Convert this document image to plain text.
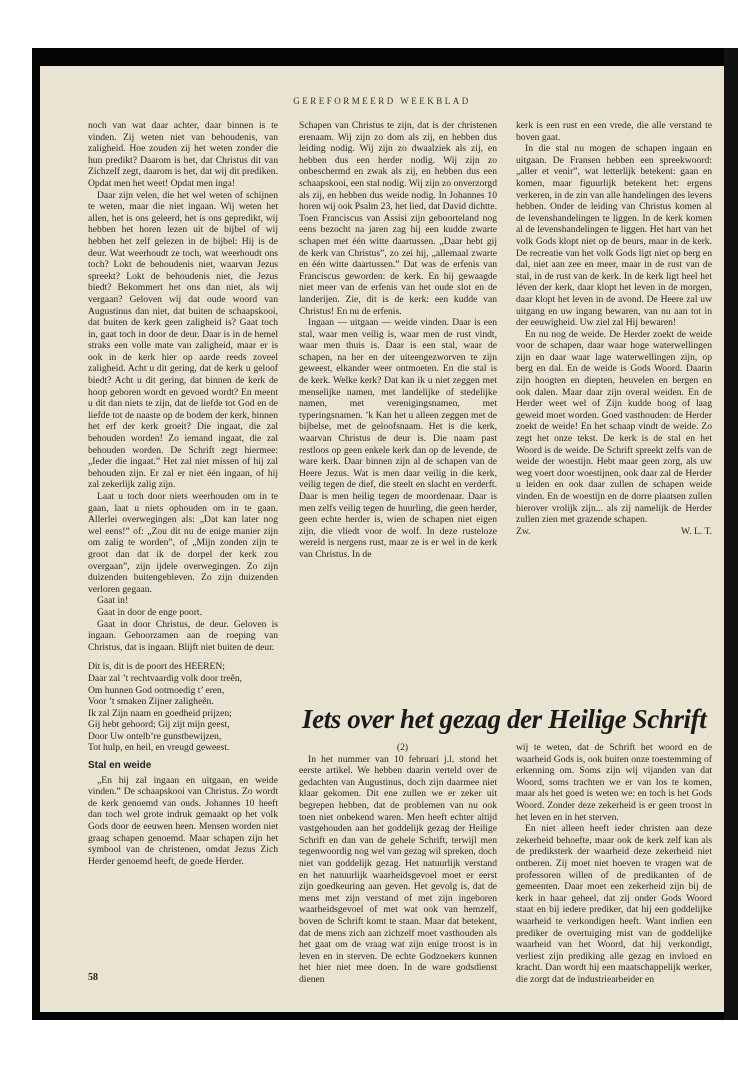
GEREFORMEERD WEEKBLAD

noch van wat daar achter, daar binnen is te vinden. Zij weten niet van behoudenis, van zaligheid. Hoe zouden zij het weten zonder die hun predikt? Daarom is het, dat Christus dit van Zichzelf zegt, daarom is het, dat wij dit prediken. Opdat men het weet! Opdat men inga!

Daar zijn velen, die het wel weten of schijnen te weten, maar die niet ingaan. Wij weten het allen, het is ons geleerd, het is ons gepredikt, wij hebben het horen lezen uit de bijbel of wij hebben het zelf gelezen in de bijbel: Hij is de deur. Wat weerhoudt ze toch, wat weerhoudt ons toch? Lokt de behoudenis niet, waarvan Jezus spreekt? Lokt de behoudenis niet, die Jezus biedt? Bekommert het ons dan niet, als wij vergaan? Geloven wij dat oude woord van Augustinus dan niet, dat buiten de schaapskooi, dat buiten de kerk geen zaligheid is? Gaat toch in, gaat toch in door de deur. Daar is in de hemel straks een volle mate van zaligheid, maar er is ook in de kerk hier op aarde reeds zoveel zaligheid. Acht u dit gering, dat de kerk u geloof biedt? Acht u dit gering, dat binnen de kerk de hoop geboren wordt en gevoed wordt? En meent u dit dan niets te zijn, dat de liefde tot God en de liefde tot de naaste op de bodem der kerk, binnen het erf der kerk groeit? Die ingaat, die zal behouden worden! Zo iemand ingaat, die zal behouden worden. De Schrift zegt hiermee: „Ieder die ingaat.” Het zal niet missen of hij zal behouden zijn. Er zal er niet één ingaan, of hij zal zekerlijk zalig zijn.

Laat u toch door niets weerhouden om in te gaan, laat u niets ophouden om in te gaan. Allerlei overwegingen als: „Dat kan later nog wel eens!” of: „Zou dit nu de enige manier zijn om zalig te worden”, of „Mijn zonden zijn te groot dan dat ik de dorpel der kerk zou overgaan”, zijn ijdele overwegingen. Zo zijn duizenden buitengebleven. Zo zijn duizenden verloren gegaan.

Gaat in!

Gaat in door de enge poort.

Gaat in door Christus, de deur. Geloven is ingaan. Gehoorzamen aan de roeping van Christus, dat is ingaan. Blijft niet buiten de deur.

Dit is, dit is de poort des HEEREN;
Daar zal ’t rechtvaardig volk door treên,
Om hunnen God ootmoedig t’ eren,
Voor ’t smaken Zijner zaligheên.
Ik zal Zijn naam en goedheid prijzen;
Gij hebt gehoord; Gij zijt mijn geest,
Door Uw ontelb’re gunstbewijzen,
Tot hulp, en heil, en vreugd geweest.
Stal en weide

„En hij zal ingaan en uitgaan, en weide vinden.” De schaapskooi van Christus. Zo wordt de kerk genoemd van ouds. Johannes 10 heeft dan toch wel grote indruk gemaakt op het volk Gods door de eeuwen heen. Mensen worden niet graag schapen genoemd. Maar schapen zijn het symbool van de christenen, omdat Jezus Zich Herder genoemd heeft, de goede Herder.

Schapen van Christus te zijn, dat is der christenen erenaam. Wij zijn zo dom als zij, en hebben dus leiding nodig. Wij zijn zo dwaalziek als zij, en hebben dus een herder nodig. Wij zijn zo onbeschermd en zwak als zij, en hebben dus een schaapskooi, een stal nodig. Wij zijn zo onverzorgd als zij, en hebben dus weide nodig. In Johannes 10 horen wij ook Psalm 23, het lied, dat David dichtte. Toen Franciscus van Assisi zijn geboorteland nog eens bezocht na jaren zag hij een kudde zwarte schapen met één witte daartussen. „Daar hebt gij de kerk van Christus”, zo zei hij, „allemaal zwarte en één witte daartussen.” Dat was de erfenis van Franciscus geworden: de kerk. En hij gewaagde niet meer van de erfenis van het oude slot en de landerijen. Zie, dit is de kerk: een kudde van Christus! En nu de erfenis.

Ingaan — uitgaan — weide vinden. Daar is een stal, waar men veilig is, waar men de rust vindt, waar men thuis is. Daar is een stal, waar de schapen, na her en der uiteengezworven te zijn geweest, elkander weer ontmoeten. En die stal is de kerk. Welke kerk? Dat kan ik u niet zeggen met menselijke namen, met landelijke of stedelijke namen, met verenigingsnamen, met typeringsnamen. ’k Kan het u alleen zeggen met de bijbelse, met de geloofsnaam. Het is die kerk, waarvan Christus de deur is. Die naam past restloos op geen enkele kerk dan op de levende, de ware kerk. Daar binnen zijn al de schapen van de Heere Jezus. Wat is men daar veilig in die kerk, veilig tegen de dief, die steelt en slacht en verderft. Daar is men heilig tegen de moordenaar. Daar is men zelfs veilig tegen de huurling, die geen herder, geen echte herder is, wien de schapen niet eigen zijn, die vliedt voor de wolf. In deze rusteloze wereld is nergens rust, maar ze is er wel in de kerk van Christus. In de

kerk is een rust en een vrede, die alle verstand te boven gaat.

In die stal nu mogen de schapen ingaan en uitgaan. De Fransen hebben een spreekwoord: „aller et venir”, wat letterlijk betekent: gaan en komen, maar figuurlijk betekent het: ergens verkeren, in de zin van alle handelingen des levens hebben. Onder de leiding van Christus komen al de levenshandelingen te liggen. In de kerk komen al de levenshandelingen te liggen. Het hart van het volk Gods klopt niet op de beurs, maar in de kerk. De recreatie van het volk Gods ligt niet op berg en dal, niet aan zee en meer, maar in de rust van de stal, in de rust van de kerk. In de kerk ligt heel het léven der kerk, daar klopt het leven in de morgen, daar klopt het leven in de avond. De Heere zal uw uitgang en uw ingang bewaren, van nu aan tot in der eeuwigheid. Uw ziel zal Hij bewaren!

En nu nog de weide. De Herder zoekt de weide voor de schapen, daar waar hoge waterwellingen zijn en daar waar lage waterwellingen zijn, op berg en dal. En de weide is Gods Woord. Daarin zijn hoogten en diepten, heuvelen en bergen en ook dalen. Maar daar zijn overal weiden. En de Herder weet wel of Zijn kudde hoog of laag geweid moet worden. Goed vasthouden: de Herder zoekt de weide! En het schaap vindt de weide. Zo zegt het onze tekst. De kerk is de stal en het Woord is de weide. De Schrift spreekt zelfs van de weide der woestijn. Hebt maar geen zorg, als uw weg voert door woestijnen, ook daar zal de Herder u leiden en ook daar zullen de schapen weide vinden. En de woestijn en de dorre plaatsen zullen hierover vrolijk zijn... als zij namelijk de Herder zullen zien met grazende schapen.

Zw.	W. L. T.
Iets over het gezag der Heilige Schrift

(2)

In het nummer van 10 februari j.l. stond het eerste artikel. We hebben daarin verteld over de gedachten van Augustinus, doch zijn daarmee niet klaar gekomen. Dit ene zullen we er zeker uit begrepen hebben, dat de problemen van nu ook toen niet onbekend waren. Men heeft echter altijd vastgehouden aan het goddelijk gezag der Heilige Schrift en dan van de gehele Schrift, terwijl men tegenwoordig nog wel van gezag wil spreken, doch niet van goddelijk gezag. Het natuurlijk verstand en het natuurlijk waarheidsgevoel moet er eerst zijn goedkeuring aan geven. Het gevolg is, dat de mens met zijn verstand of met zijn ingeboren waarheidsgevoel of met wat ook van hemzelf, boven de Schrift komt te staan. Maar dat betekent, dat de mens zich aan zichzelf moet vasthouden als het gaat om de vraag wat zijn enige troost is in leven en in sterven. De echte Godzoekers kunnen het hier niet mee doen. In de ware godsdienst dienen

wij te weten, dat de Schrift het woord en de waarheid Gods is, ook buiten onze toestemming of erkenning om. Soms zijn wij vijanden van dat Woord, soms trachten we er van los te komen, maar als het goed is weten we: en toch is het Gods Woord. Zonder deze zekerheid is er geen troost in het leven en in het sterven.

En niet alleen heeft ieder christen aan deze zekerheid behoefte, maar ook de kerk zelf kan als de prediksterk der waarheid deze zekerheid niet ontberen. Zij moet niet hoeven te vragen wat de professoren willen of de predikanten of de gemeenten. Daar moet een zekerheid zijn bij de kerk in haar geheel, dat zij onder Gods Woord staat en bij iedere prediker, dat hij een goddelijke waarheid te verkondigen heeft. Want indien een prediker de overtuiging mist van de goddelijke waarheid van het Woord, dat hij verkondigt, verliest zijn prediking alle gezag en invloed en kracht. Dan wordt hij een maatschappelijk werker, die zorgt dat de industriearbeider en

58
